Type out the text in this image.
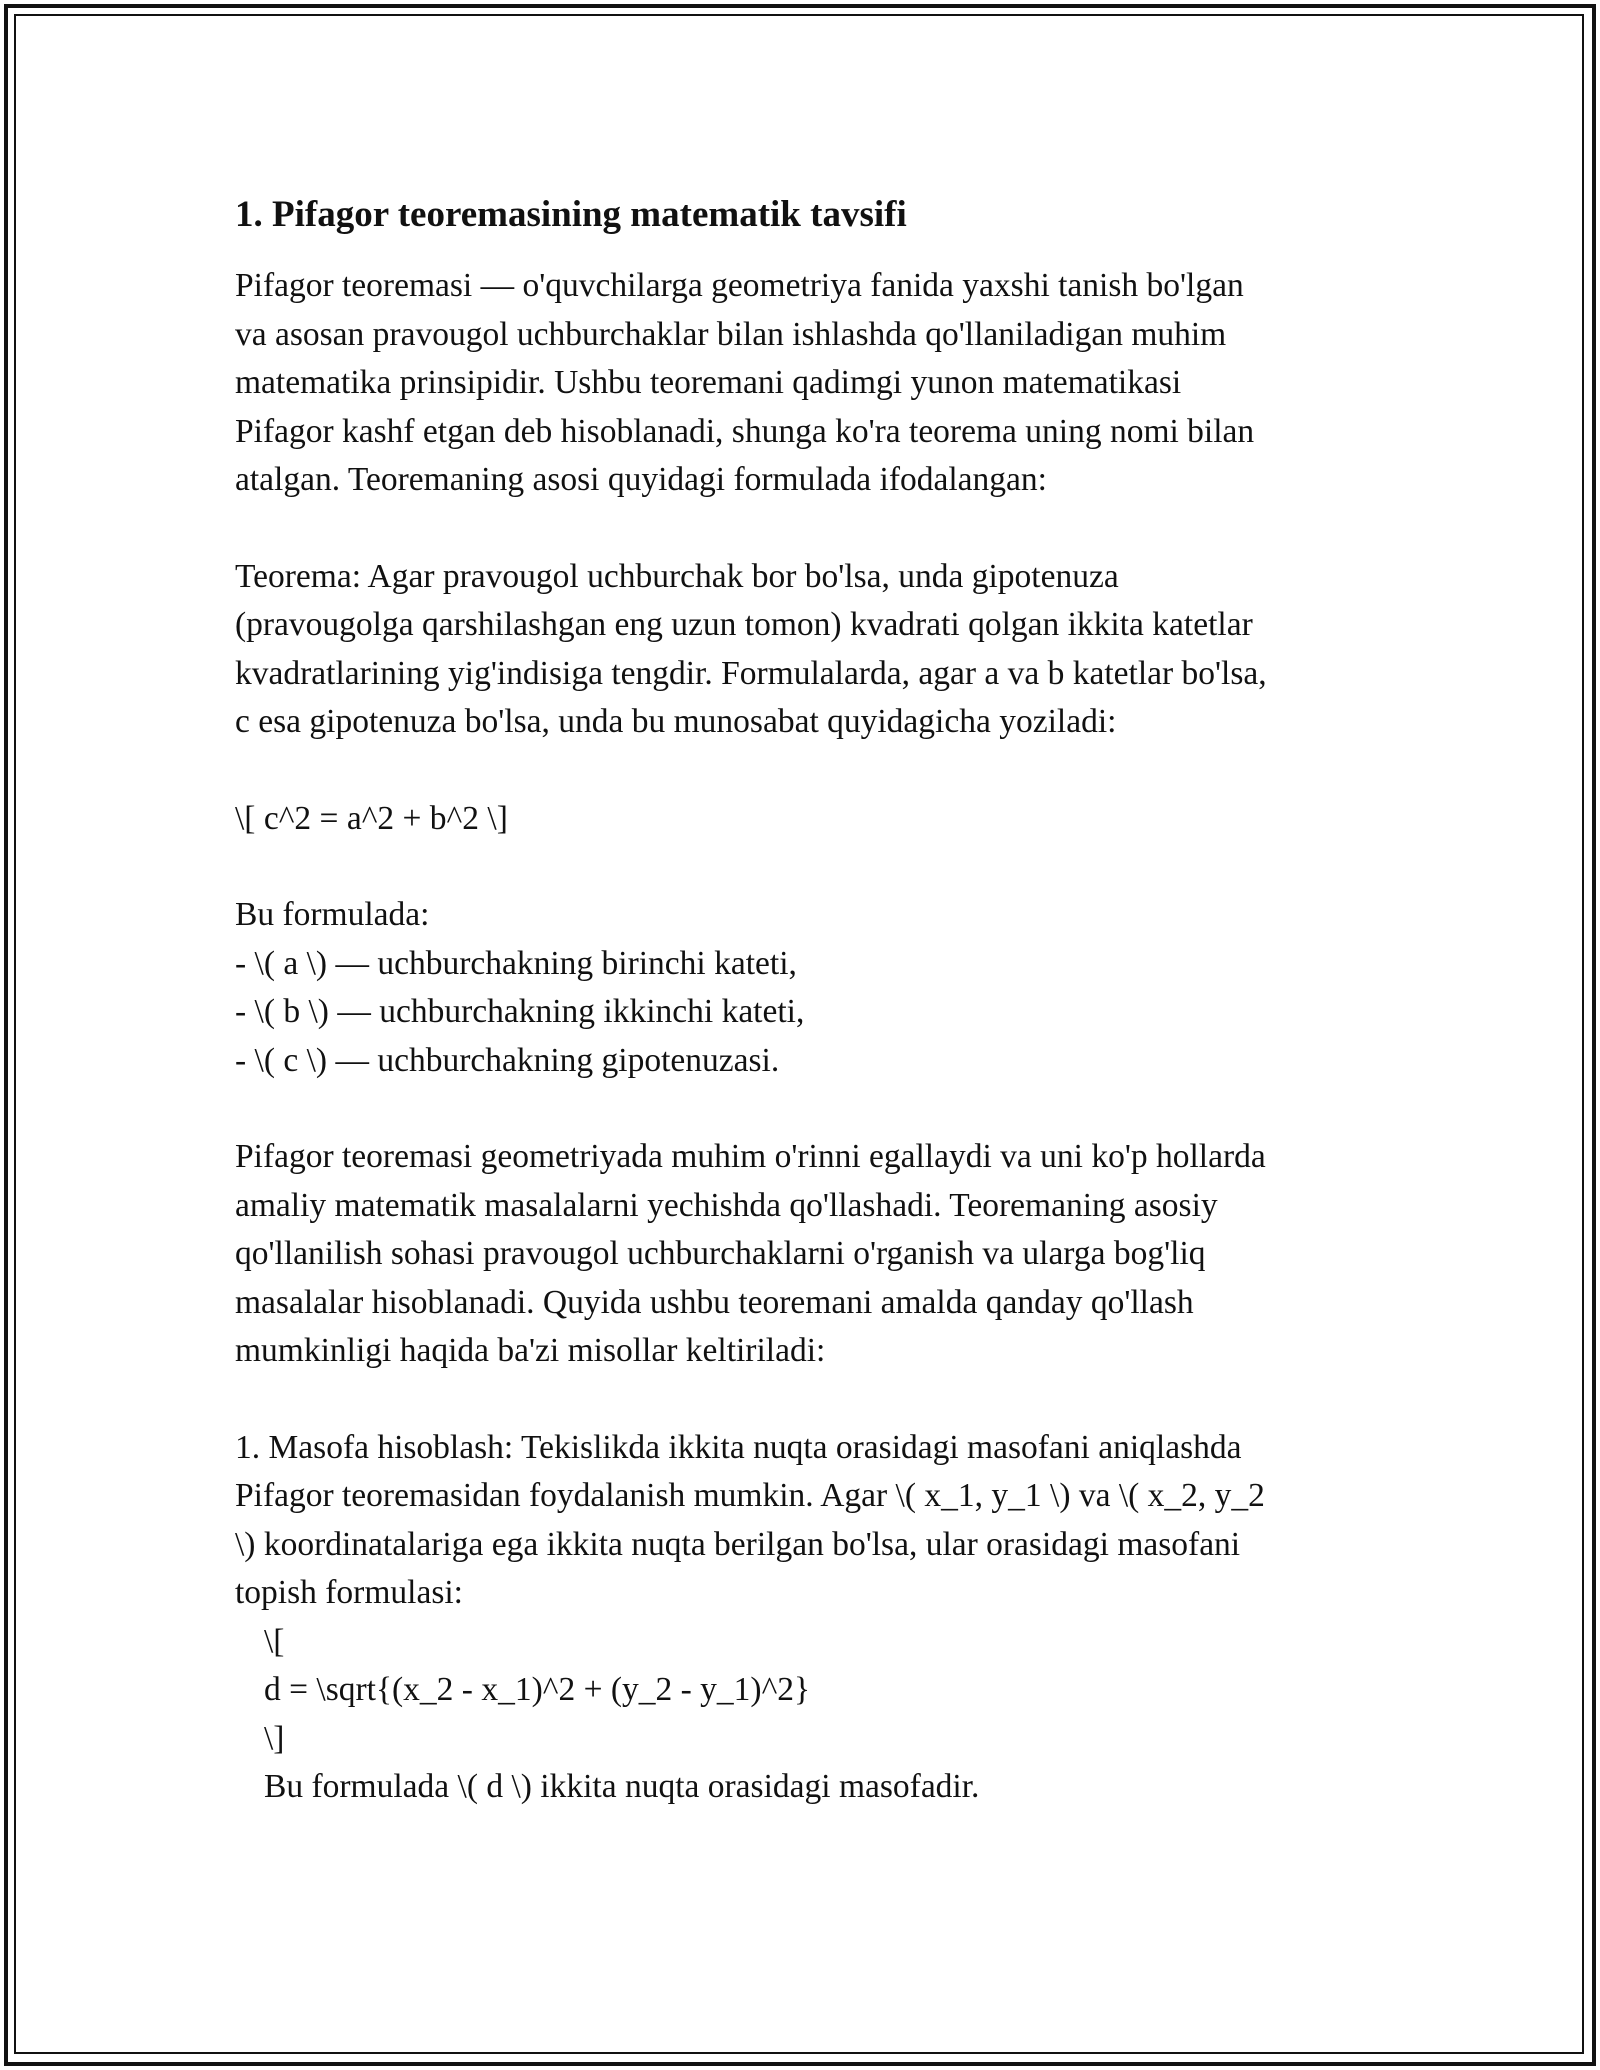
1. Pifagor teoremasining matematik tavsifi
Pifagor teoremasi — o'quvchilarga geometriya fanida yaxshi tanish bo'lgan
va asosan pravougol uchburchaklar bilan ishlashda qo'llaniladigan muhim
matematika prinsipidir. Ushbu teoremani qadimgi yunon matematikasi
Pifagor kashf etgan deb hisoblanadi, shunga ko'ra teorema uning nomi bilan
atalgan. Teoremaning asosi quyidagi formulada ifodalangan:
Teorema: Agar pravougol uchburchak bor bo'lsa, unda gipotenuza
(pravougolga qarshilashgan eng uzun tomon) kvadrati qolgan ikkita katetlar
kvadratlarining yig'indisiga tengdir. Formulalarda, agar a va b katetlar bo'lsa,
c esa gipotenuza bo'lsa, unda bu munosabat quyidagicha yoziladi:
\[ c^2 = a^2 + b^2 \]
Bu formulada:
- \( a \) — uchburchakning birinchi kateti,
- \( b \) — uchburchakning ikkinchi kateti,
- \( c \) — uchburchakning gipotenuzasi.
Pifagor teoremasi geometriyada muhim o'rinni egallaydi va uni ko'p hollarda
amaliy matematik masalalarni yechishda qo'llashadi. Teoremaning asosiy
qo'llanilish sohasi pravougol uchburchaklarni o'rganish va ularga bog'liq
masalalar hisoblanadi. Quyida ushbu teoremani amalda qanday qo'llash
mumkinligi haqida ba'zi misollar keltiriladi:
1. Masofa hisoblash: Tekislikda ikkita nuqta orasidagi masofani aniqlashda
Pifagor teoremasidan foydalanish mumkin. Agar \( x_1, y_1 \) va \( x_2, y_2
\) koordinatalariga ega ikkita nuqta berilgan bo'lsa, ular orasidagi masofani
topish formulasi:
\[
d = \sqrt{(x_2 - x_1)^2 + (y_2 - y_1)^2}
\]
Bu formulada \( d \) ikkita nuqta orasidagi masofadir.
